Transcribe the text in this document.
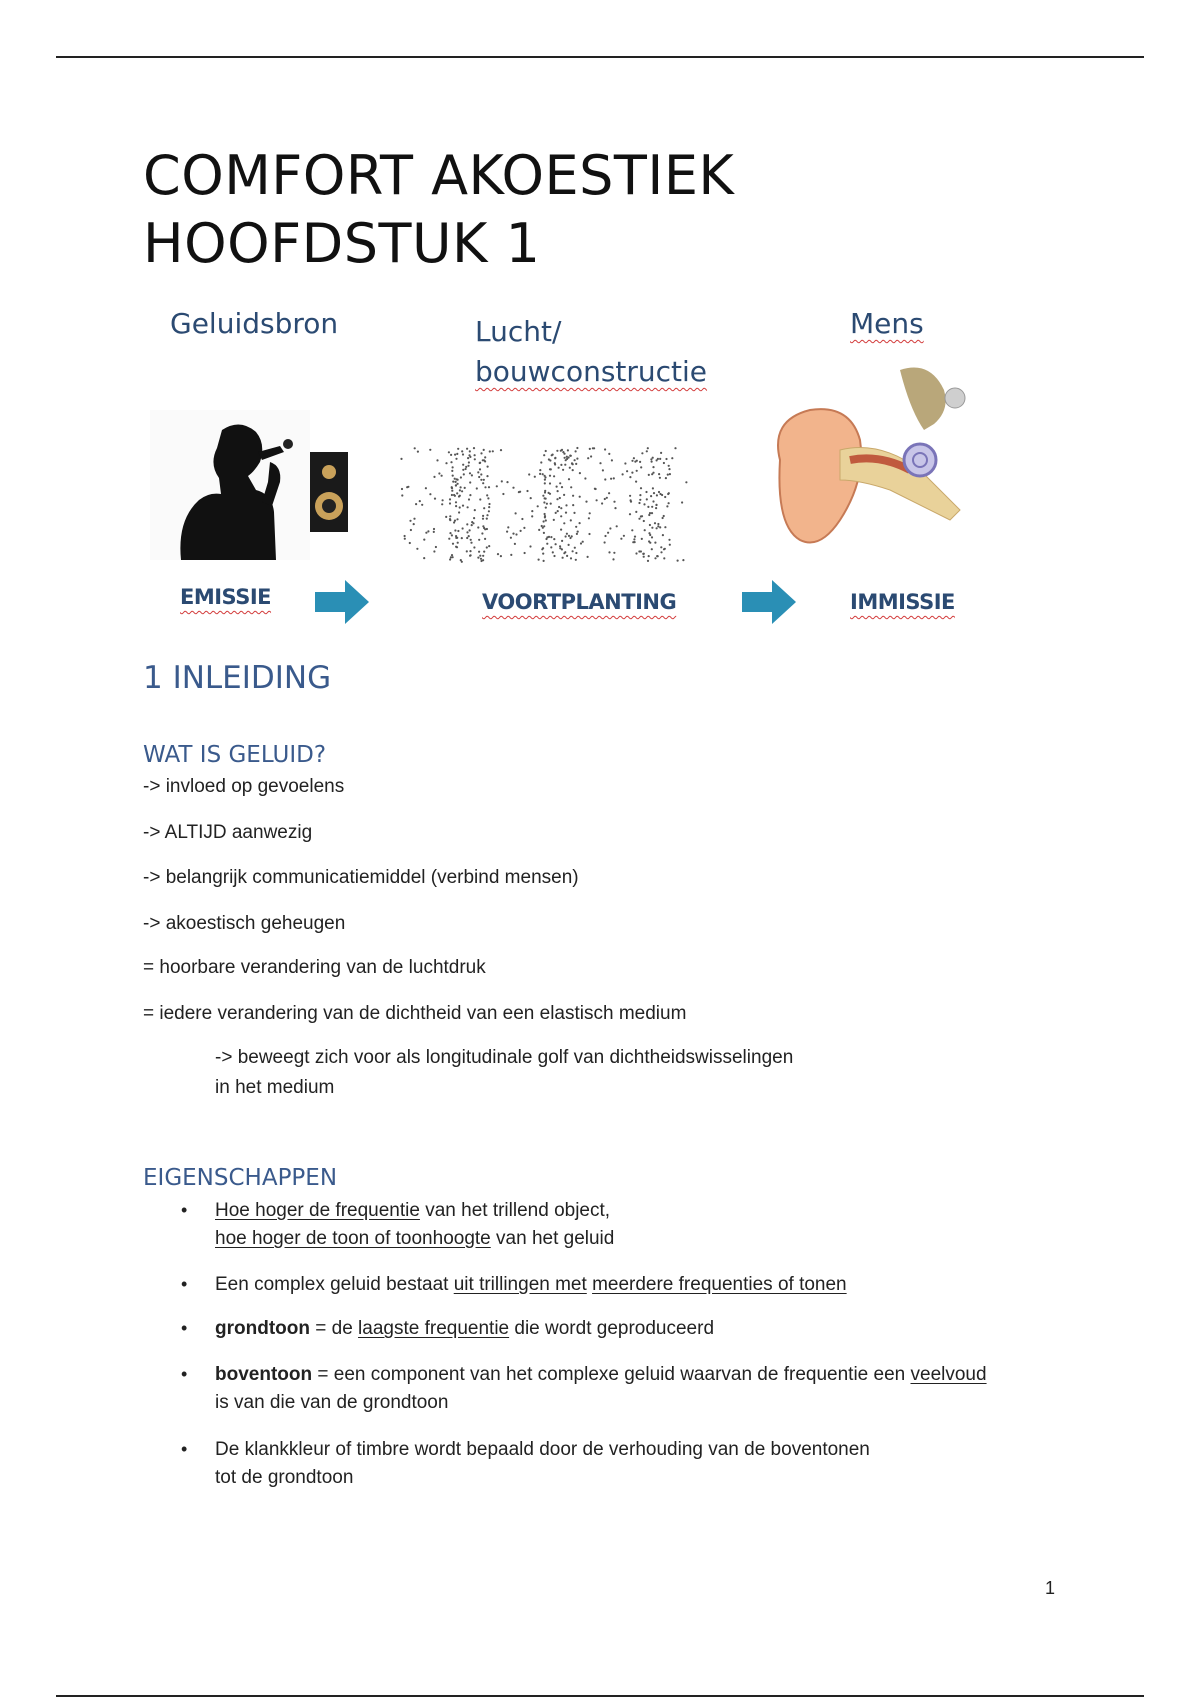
COMFORT AKOESTIEK
HOOFDSTUK 1
Geluidsbron	Lucht/
bouwconstructie
Mens
EMISSIE	VOORTPLANTING	IMMISSIE
1 INLEIDING
WAT IS GELUID?
-> invloed op gevoelens
-> ALTIJD aanwezig
-> belangrijk communicatiemiddel (verbind mensen)
-> akoestisch geheugen
= hoorbare verandering van de luchtdruk
= iedere verandering van de dichtheid van een elastisch medium
-> beweegt zich voor als longitudinale golf van dichtheidswisselingen
in het medium
EIGENSCHAPPEN
• Hoe hoger de frequentie van het trillend object,
hoe hoger de toon of toonhoogte van het geluid
• Een complex geluid bestaat uit trillingen met meerdere frequenties of tonen
• grondtoon = de laagste frequentie die wordt geproduceerd
• boventoon = een component van het complexe geluid waarvan de frequentie een veelvoud
is van die van de grondtoon
• De klankkleur of timbre wordt bepaald door de verhouding van de boventonen
tot de grondtoon
1
